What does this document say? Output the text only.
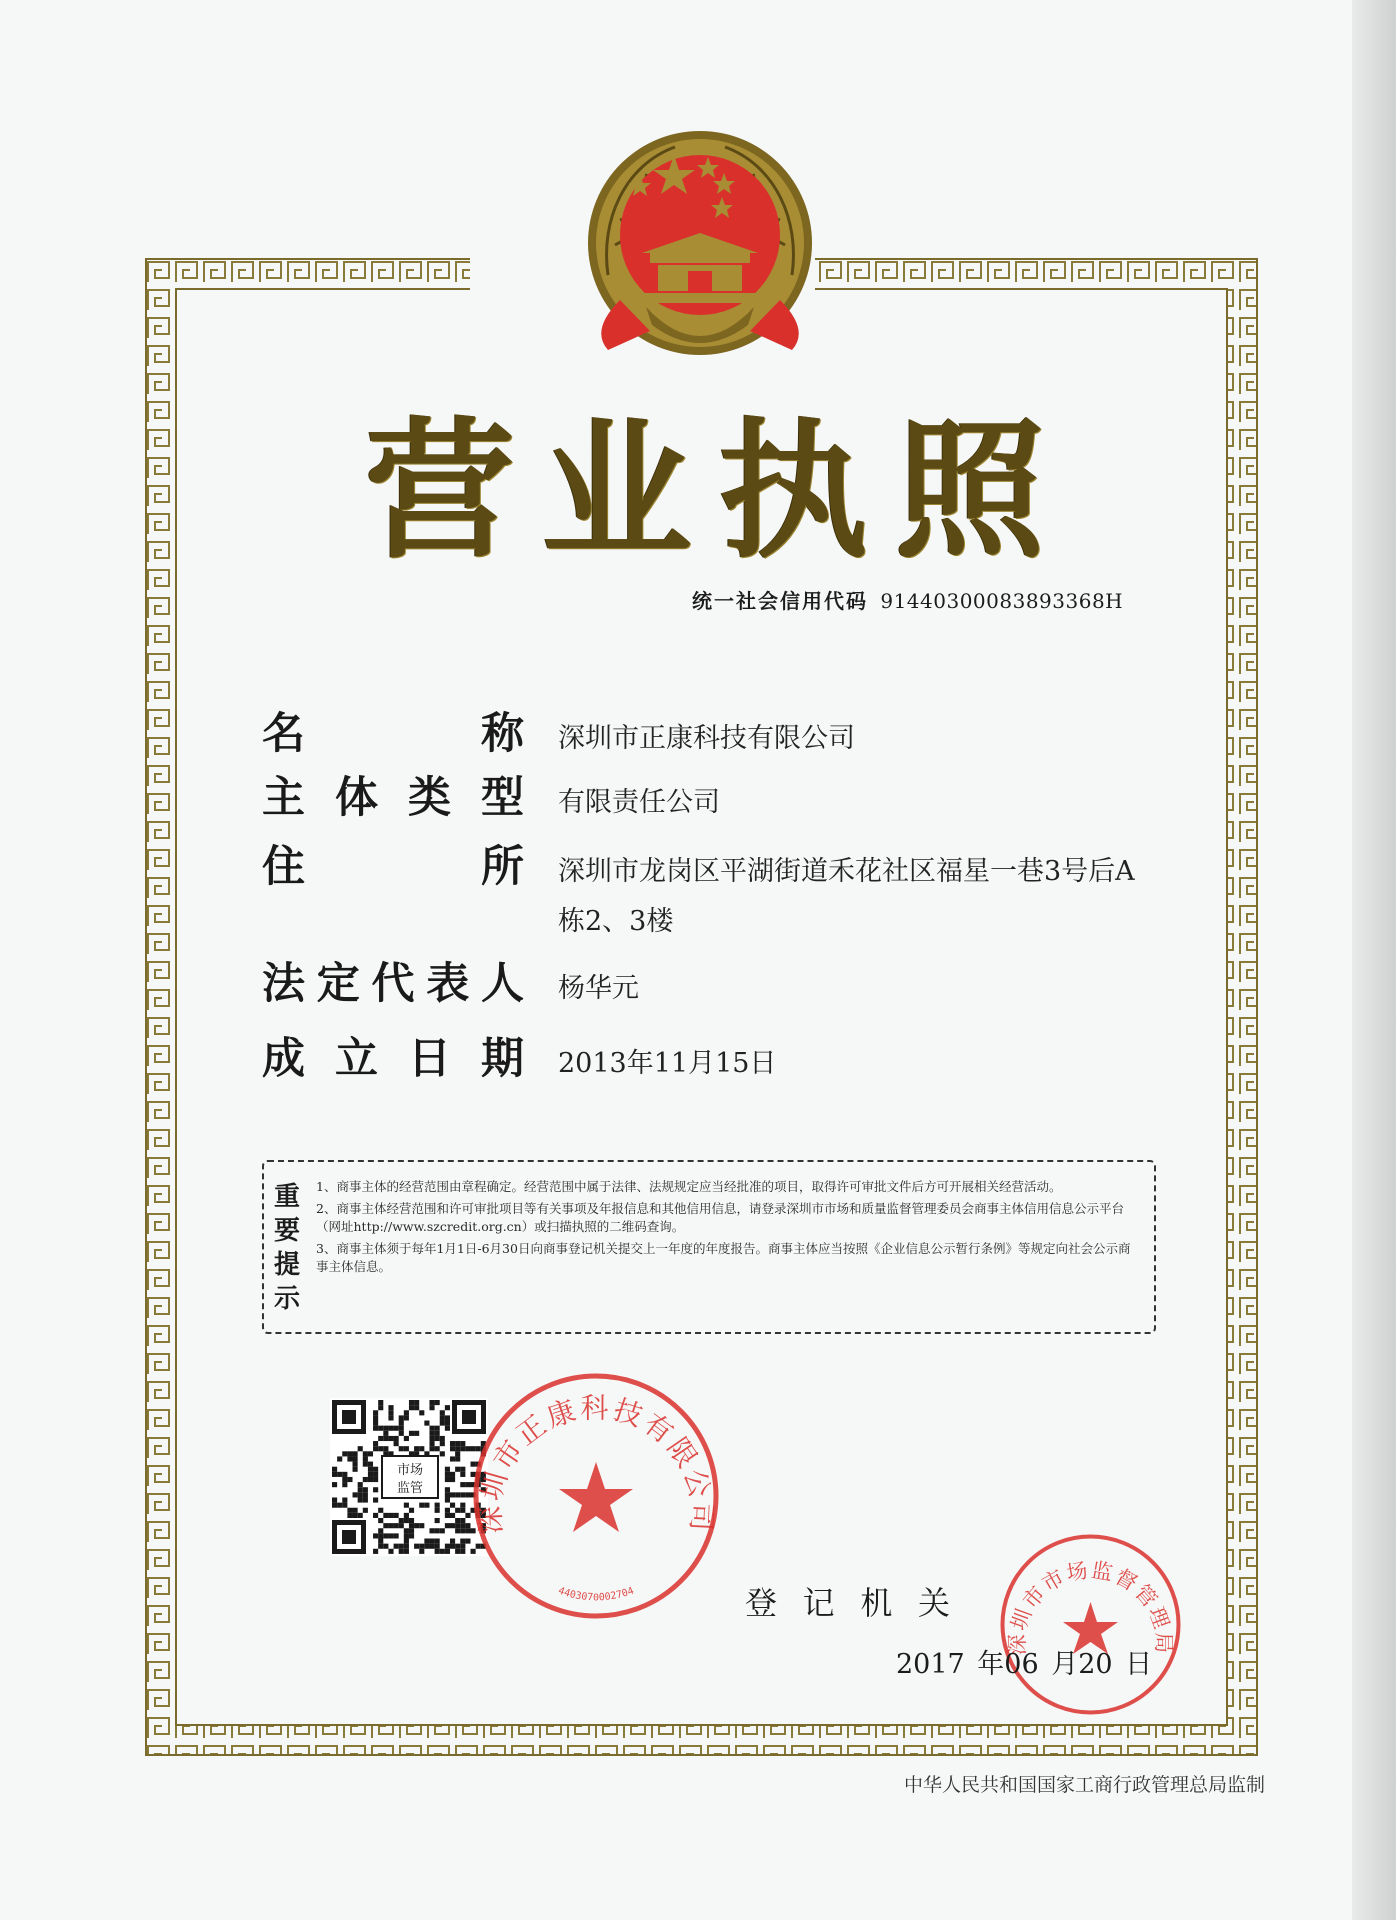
营 业 执 照
统一社会信用代码 91440300083893368H
名	称 深圳市正康科技有限公司
主 体 类 型 有限责任公司
住	所 深圳市龙岗区平湖街道禾花社区福星一巷3号后A栋2、3楼
法 定 代 表 人 杨华元
成 立 日 期 2013年11月15日
重
要
提
示
1、商事主体的经营范围由章程确定。经营范围中属于法律、法规规定应当经批准的项目，取得许可审批文件后方可开展相关经营活动。
2、商事主体经营范围和许可审批项目等有关事项及年报信息和其他信用信息，请登录深圳市市场和质量监督管理委员会商事主体信用信息公示平台（网址http://www.szcredit.org.cn）或扫描执照的二维码查询。
3、商事主体须于每年1月1日-6月30日向商事登记机关提交上一年度的年度报告。商事主体应当按照《企业信息公示暂行条例》等规定向社会公示商事主体信息。
市场
监管
深圳市正康科技有限公司
4403070002704	登 记 机 关
深圳市市场监督管理局
2017 年06 月20 日
中华人民共和国国家工商行政管理总局监制
